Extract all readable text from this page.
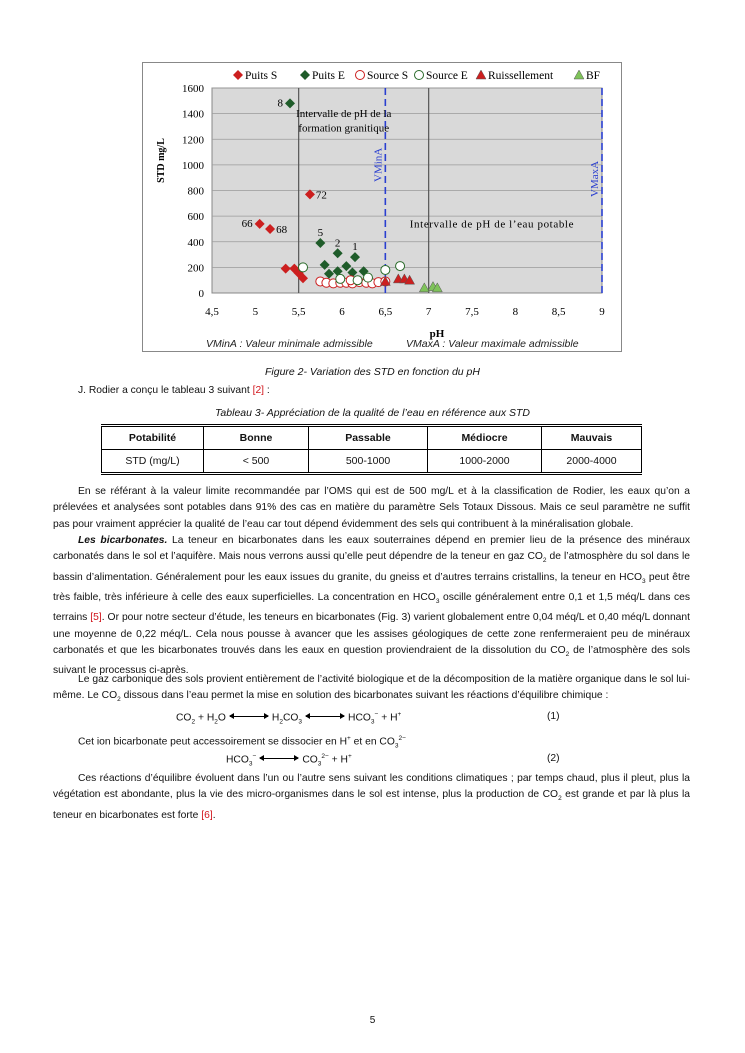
0
200
400
600
800
1000
1200
1400
1600
4,5	5	5,5	6	6,5	7	7,5	8	8,5	9
pH
STD mg/L	VMinA	VMaxA
Intervalle de pH de la
formation granitique
Intervalle de pH de l’eau potable
66
68
72
8
5
2 1
Puits S	Puits E Source S Source E Ruissellement	BF
VMinA : Valeur minimale admissible	VMaxA : Valeur maximale admissible
Figure 2- Variation des STD en fonction du pH
J. Rodier a conçu le tableau 3 suivant [2] :
Tableau 3- Appréciation de la qualité de l’eau en référence aux STD
Potabilité	Bonne	Passable	Médiocre	Mauvais
STD (mg/L)	< 500	500-1000	1000-2000	2000-4000

En se référant à la valeur limite recommandée par l’OMS qui est de 500 mg/L et à la classification de Rodier, les eaux qu’on a prélevées et analysées sont potables dans 91% des cas en matière du paramètre Sels Totaux Dissous. Mais ce seul paramètre ne suffit pas pour vraiment apprécier la qualité de l’eau car tout dépend évidemment des sels qui contribuent à la minéralisation globale.

Les bicarbonates. La teneur en bicarbonates dans les eaux souterraines dépend en premier lieu de la présence des minéraux carbonatés dans le sol et l’aquifère. Mais nous verrons aussi qu’elle peut dépendre de la teneur en gaz $CO_2$ de l’atmosphère du sol dans le bassin d’alimentation. Généralement pour les eaux issues du granite, du gneiss et d’autres terrains cristallins, la teneur en $HCO_3$ peut être très faible, très inférieure à celle des eaux superficielles. La concentration en $HCO_3$ oscille généralement entre 0,1 et 1,5 méq/L dans ces terrains [5]. Or pour notre secteur d’étude, les teneurs en bicarbonates (Fig. 3) varient globalement entre 0,04 méq/L et 0,40 méq/L donnant une moyenne de 0,22 méq/L. Cela nous pousse à avancer que les assises géologiques de cette zone renfermeraient peu de minéraux carbonatés et que les bicarbonates trouvés dans les eaux en question proviendraient de la dissolution du $CO_2$ de l’atmosphère des sols suivant le processus ci-après.

Le gaz carbonique des sols provient entièrement de l’activité biologique et de la décomposition de la matière organique dans le sol lui-même. Le $CO_2$ dissous dans l’eau permet la mise en solution des bicarbonates suivant les réactions d’équilibre chimique :

$CO_2 + H_2O$	$H_2CO_3$	$HCO_3^- + H^+$	(1)

Cet ion bicarbonate peut accessoirement se dissocier en H+ et en $CO_3^{2-}$

$HCO_3^-$	$CO_3^{2-} + H^+$	(2)

Ces réactions d’équilibre évoluent dans l’un ou l’autre sens suivant les conditions climatiques ; par temps chaud, plus il pleut, plus la végétation est abondante, plus la vie des micro-organismes dans le sol est intense, plus la production de $CO_2$ est grande et par là plus la teneur en bicarbonates est forte [6].

5
